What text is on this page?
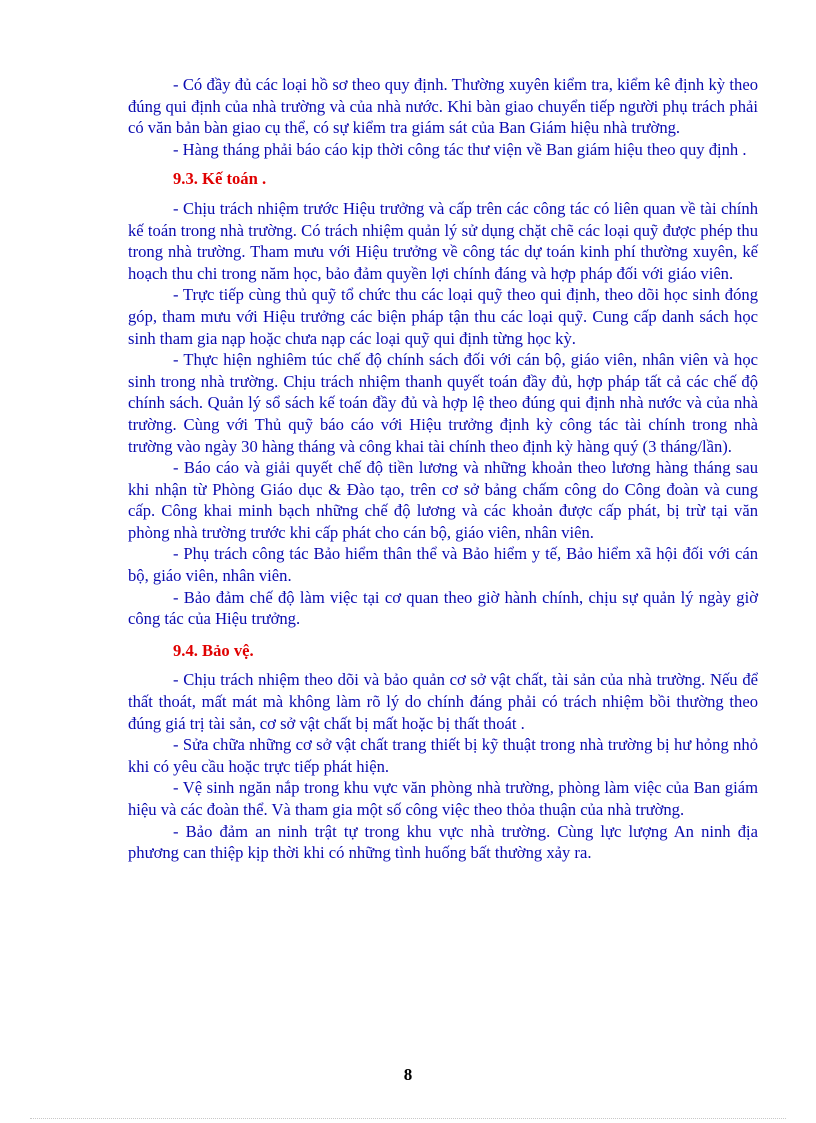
- Có đầy đủ các loại hồ sơ theo quy định. Thường xuyên kiểm tra, kiểm kê định kỳ theo đúng qui định của nhà trường và của nhà nước. Khi bàn giao chuyển tiếp người phụ trách phải có văn bản bàn giao cụ thể, có sự kiểm tra giám sát của Ban Giám hiệu nhà trường.

- Hàng tháng phải báo cáo kịp thời công tác thư viện về Ban giám hiệu theo quy định .

9.3. Kế toán .

- Chịu trách nhiệm trước Hiệu trưởng và cấp trên các công tác có liên quan về tài chính kế toán trong nhà trường. Có trách nhiệm quản lý sử dụng chặt chẽ các loại quỹ được phép thu trong nhà trường. Tham mưu với Hiệu trưởng về công tác dự toán kinh phí thường xuyên, kế hoạch thu chi trong năm học, bảo đảm quyền lợi chính đáng và hợp pháp đối với giáo viên.

- Trực tiếp cùng thủ quỹ tổ chức thu các loại quỹ theo qui định, theo dõi học sinh đóng góp, tham mưu với Hiệu trưởng các biện pháp tận thu các loại quỹ. Cung cấp danh sách học sinh tham gia nạp hoặc chưa nạp các loại quỹ qui định từng học kỳ.

- Thực hiện nghiêm túc chế độ chính sách đối với cán bộ, giáo viên, nhân viên và học sinh trong nhà trường. Chịu trách nhiệm thanh quyết toán đầy đủ, hợp pháp tất cả các chế độ chính sách. Quản lý sổ sách kế toán đầy đủ và hợp lệ theo đúng qui định nhà nước và của nhà trường. Cùng với Thủ quỹ báo cáo với Hiệu trưởng định kỳ công tác tài chính trong nhà trường vào ngày 30 hàng tháng và công khai tài chính theo định kỳ hàng quý (3 tháng/lần).

- Báo cáo và giải quyết chế độ tiền lương và những khoản theo lương hàng tháng sau khi nhận từ Phòng Giáo dục & Đào tạo, trên cơ sở bảng chấm công do Công đoàn và cung cấp. Công khai minh bạch những chế độ lương và các khoản được cấp phát, bị trừ tại văn phòng nhà trường trước khi cấp phát cho cán bộ, giáo viên, nhân viên.

- Phụ trách công tác Bảo hiểm thân thể và Bảo hiểm y tế, Bảo hiểm xã hội đối với cán bộ, giáo viên, nhân viên.

- Bảo đảm chế độ làm việc tại cơ quan theo giờ hành chính, chịu sự quản lý ngày giờ công tác của Hiệu trưởng.

9.4. Bảo vệ.

- Chịu trách nhiệm theo dõi và bảo quản cơ sở vật chất, tài sản của nhà trường. Nếu để thất thoát, mất mát mà không làm rõ lý do chính đáng phải có trách nhiệm bồi thường theo đúng giá trị tài sản, cơ sở vật chất bị mất hoặc bị thất thoát .

- Sửa chữa những cơ sở vật chất trang thiết bị kỹ thuật trong nhà trường bị hư hỏng nhỏ khi có yêu cầu hoặc trực tiếp phát hiện.

- Vệ sinh ngăn nắp trong khu vực văn phòng nhà trường, phòng làm việc của Ban giám hiệu và các đoàn thể. Và tham gia một số công việc theo thỏa thuận của nhà trường.

- Bảo đảm an ninh trật tự trong khu vực nhà trường. Cùng lực lượng An ninh địa phương can thiệp kịp thời khi có những tình huống bất thường xảy ra.

8
